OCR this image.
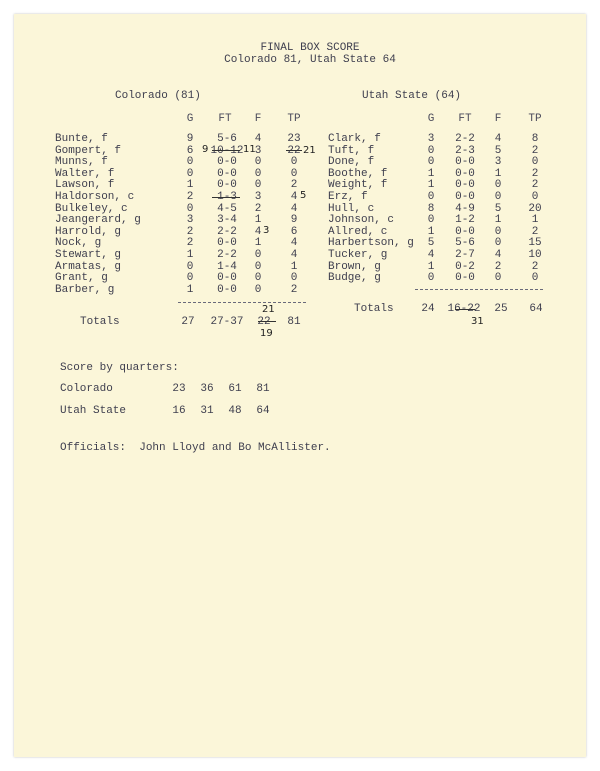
FINAL BOX SCORE
Colorado 81, Utah State 64
Colorado (81)	Utah State (64)
G	FT	F	TP	G	FT	F	TP
Bunte, f	9	5-6	4	23
Gompert, f	6	10-12	3	22
Munns, f	0	0-0	0	0
Walter, f	0	0-0	0	0
Lawson, f	1	0-0	0	2
Haldorson, c	2	1-3	3	4
Bulkeley, c	0	4-5	2	4
Jeangerard, g	3	3-4	1	9
Harrold, g	2	2-2	4	6
Nock, g	2	0-0	1	4
Stewart, g	1	2-2	0	4
Armatas, g	0	1-4	0	1
Grant, g	0	0-0	0	0
Barber, g	1	0-0	0	2
Clark, f	3	2-2	4	8
Tuft, f	0	2-3	5	2
Done, f	0	0-0	3	0
Boothe, f	1	0-0	1	2
Weight, f	1	0-0	0	2
Erz, f	0	0-0	0	0
Hull, c	8	4-9	5	20
Johnson, c	0	1-2	1	1
Allred, c	1	0-0	0	2
Harbertson, g	5	5-6	0	15
Tucker, g	4	2-7	4	10
Brown, g	1	0-2	2	2
Budge, g	0	0-0	0	0
Totals	27	27-37	22	81
Totals	24	16-22	25	64
9	11	21
5
3
21
19
31
Score by quarters:
Colorado	23	36	61	81
Utah State	16	31	48	64
Officials:  John Lloyd and Bo McAllister.
